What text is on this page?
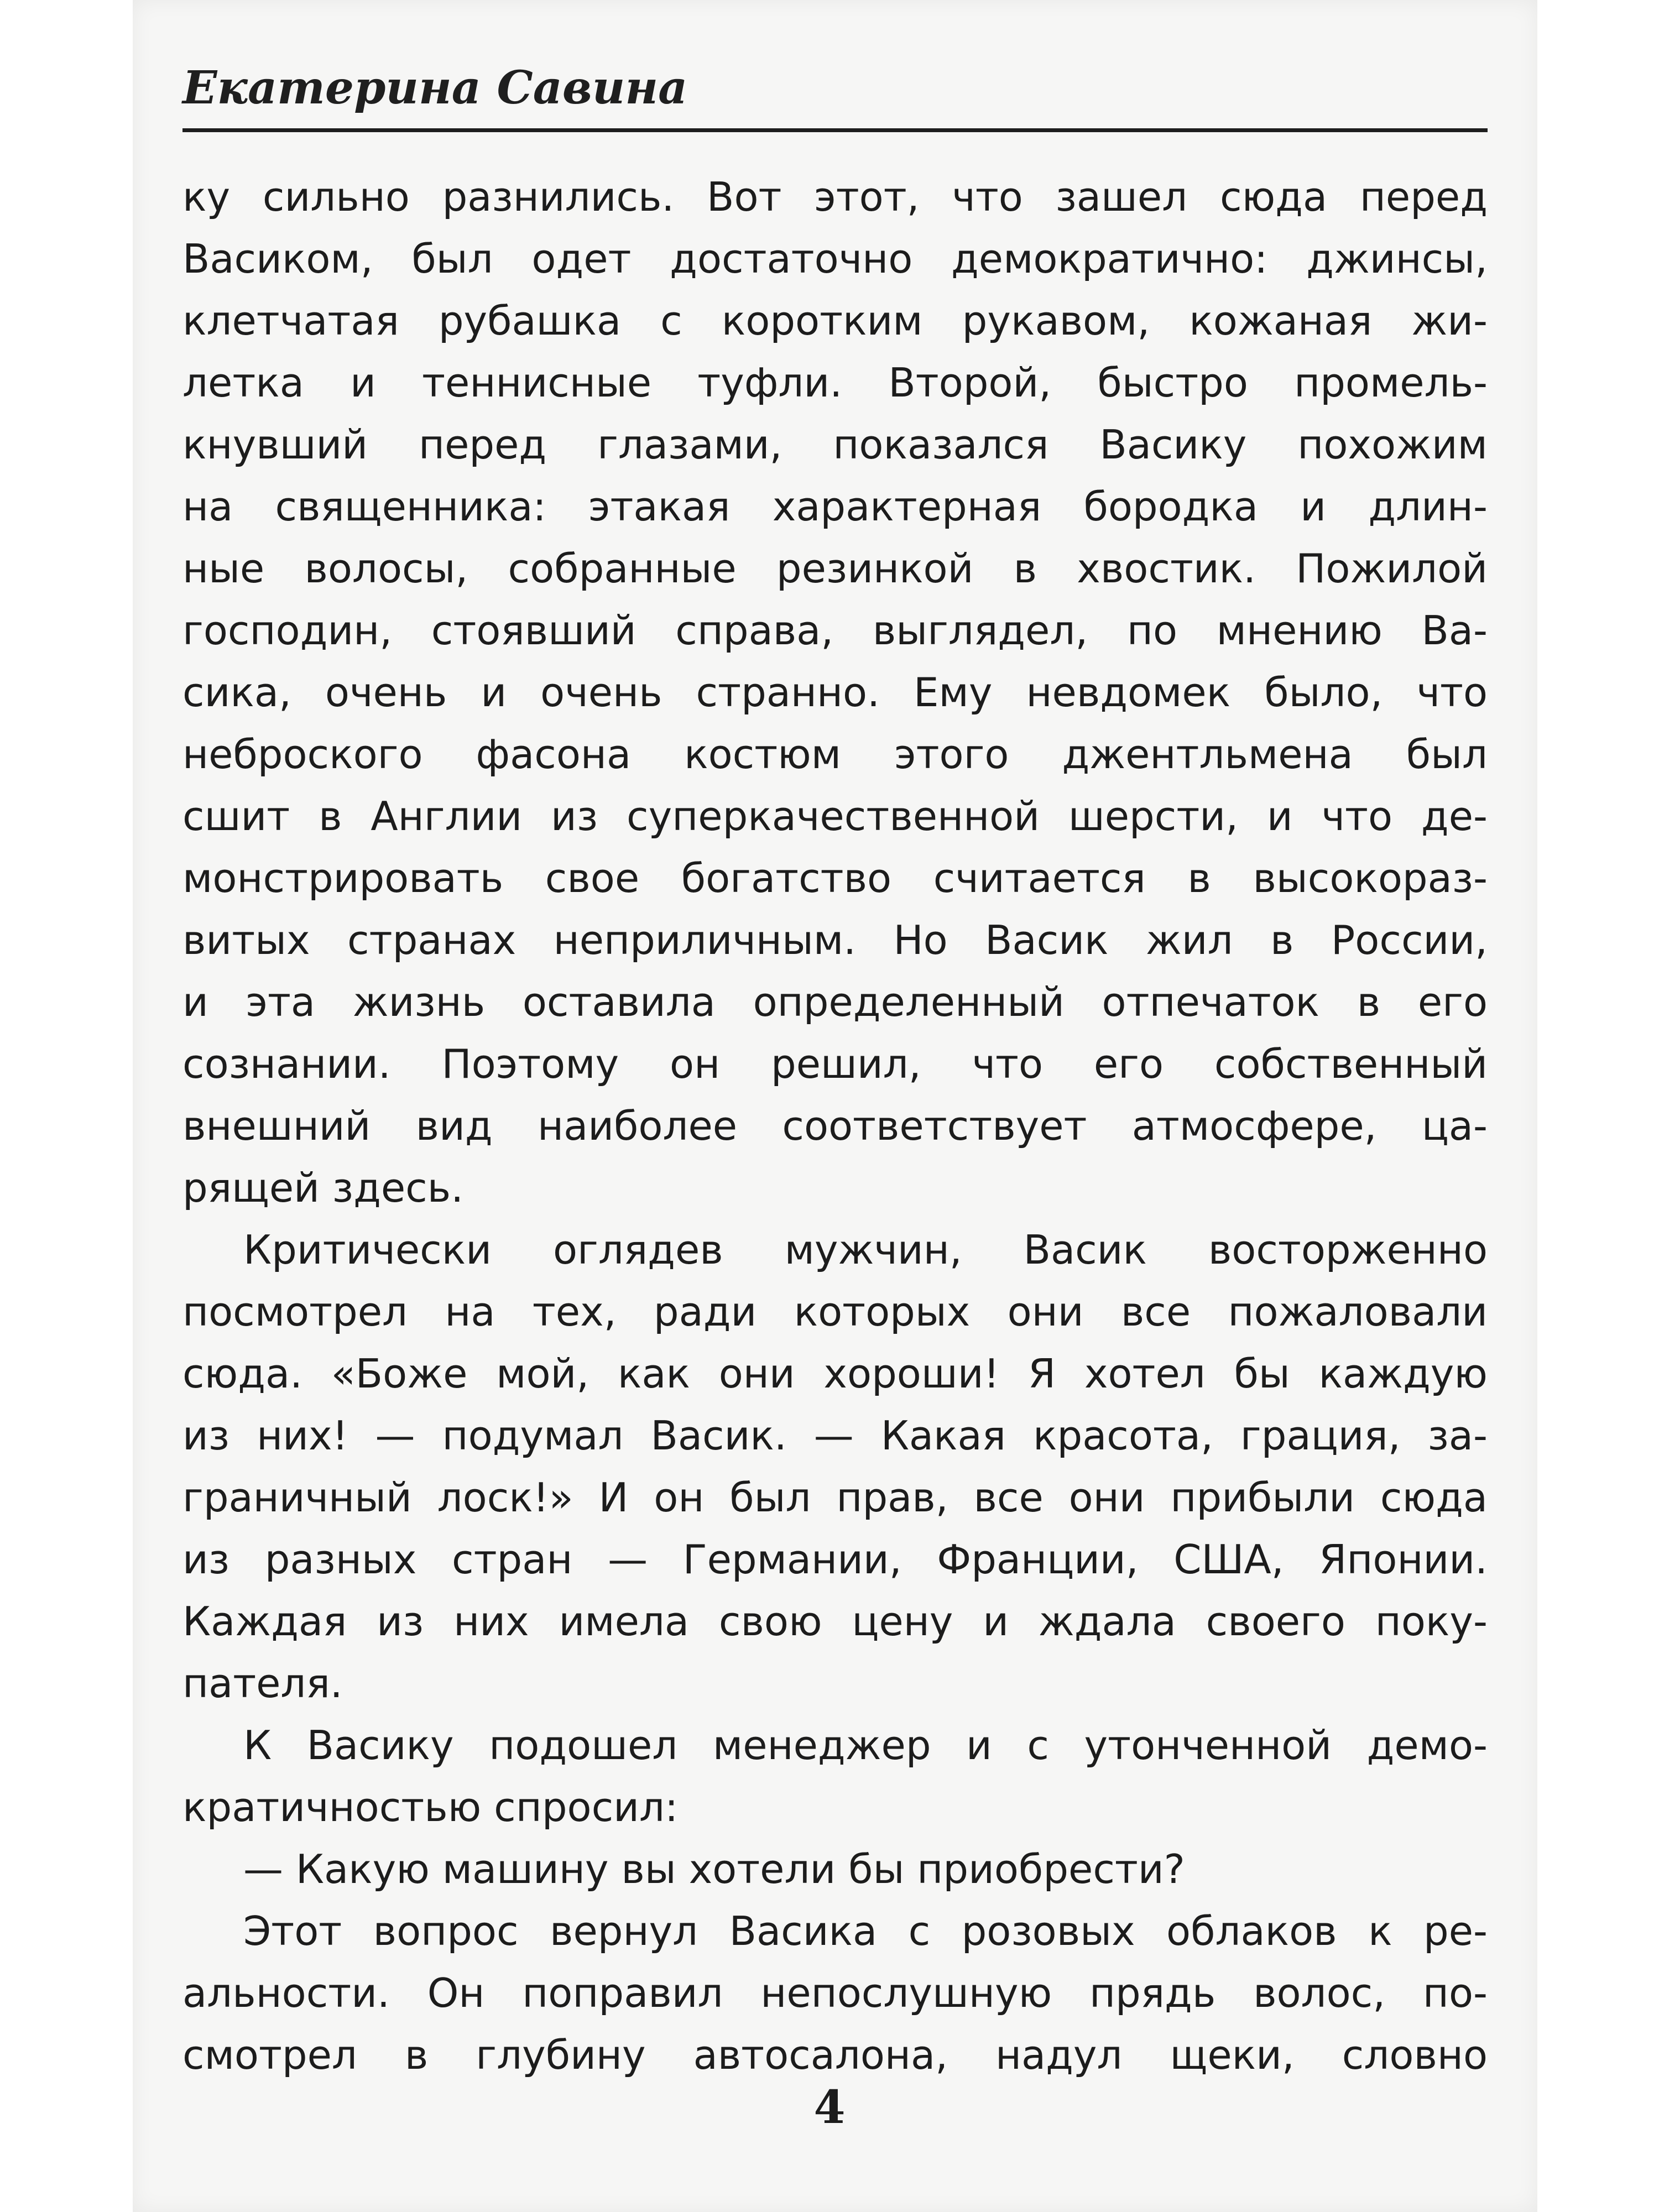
Екатерина Савина
ку сильно разнились. Вот этот, что зашел сюда перед
Васиком, был одет достаточно демократично: джинсы,
клетчатая рубашка с коротким рукавом, кожаная жи-
летка и теннисные туфли. Второй, быстро промель-
кнувший перед глазами, показался Васику похожим
на священника: этакая характерная бородка и длин-
ные волосы, собранные резинкой в хвостик. Пожилой
господин, стоявший справа, выглядел, по мнению Ва-
сика, очень и очень странно. Ему невдомек было, что
неброского фасона костюм этого джентльмена был
сшит в Англии из суперкачественной шерсти, и что де-
монстрировать свое богатство считается в высокораз-
витых странах неприличным. Но Васик жил в России,
и эта жизнь оставила определенный отпечаток в его
сознании. Поэтому он решил, что его собственный
внешний вид наиболее соответствует атмосфере, ца-
рящей здесь.
Критически оглядев мужчин, Васик восторженно
посмотрел на тех, ради которых они все пожаловали
сюда. «Боже мой, как они хороши! Я хотел бы каждую
из них! — подумал Васик. — Какая красота, грация, за-
граничный лоск!» И он был прав, все они прибыли сюда
из разных стран — Германии, Франции, США, Японии.
Каждая из них имела свою цену и ждала своего поку-
пателя.
К Васику подошел менеджер и с утонченной демо-
кратичностью спросил:
— Какую машину вы хотели бы приобрести?
Этот вопрос вернул Васика с розовых облаков к ре-
альности. Он поправил непослушную прядь волос, по-
смотрел в глубину автосалона, надул щеки, словно
4
